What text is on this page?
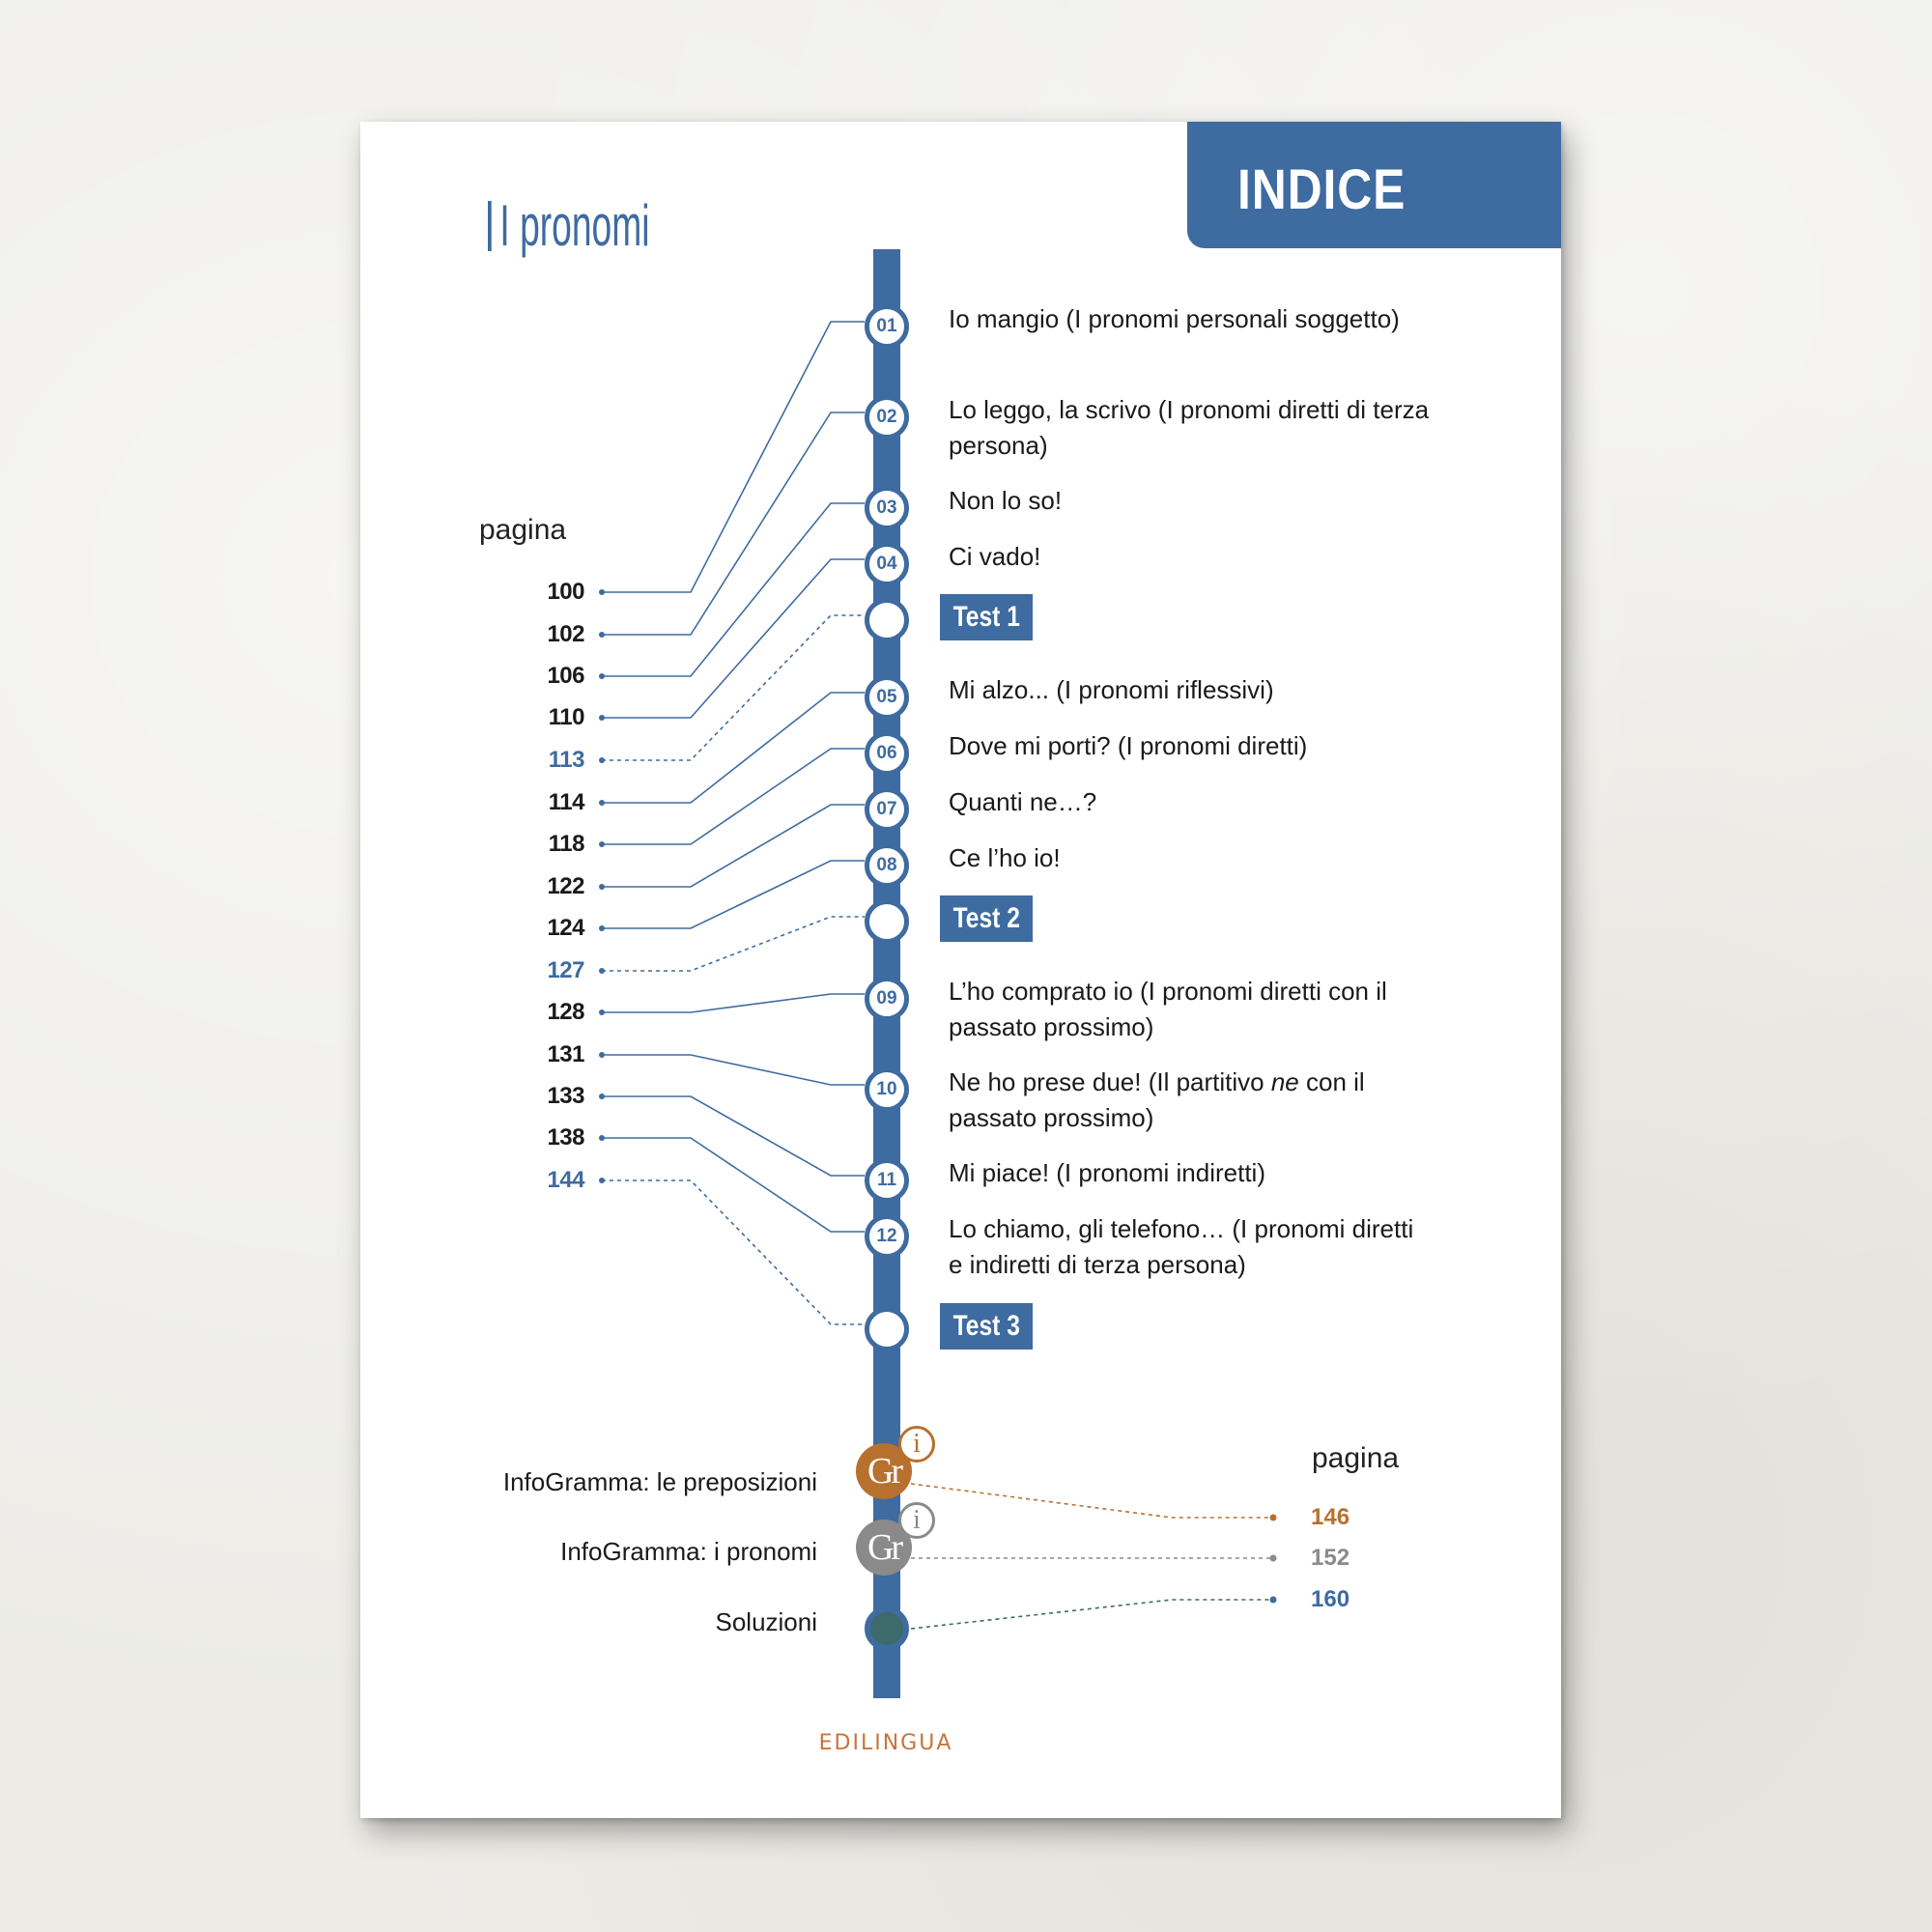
INDICE
I pronomi
01
02
03
04
05
06
07
08
09
10
11
12
Io mangio (I pronomi personali soggetto)
Lo leggo, la scrivo (I pronomi diretti di terza persona)
Non lo so!
Ci vado!
Test 1
Mi alzo... (I pronomi riflessivi)
Dove mi porti? (I pronomi diretti)
Quanti ne…?
Ce l’ho io!
Test 2
L’ho comprato io (I pronomi diretti con il passato prossimo)
Ne ho prese due! (Il partitivo ne con il passato prossimo)
Mi piace! (I pronomi indiretti)
Lo chiamo, gli telefono… (I pronomi diretti e indiretti di terza persona)
Test 3
pagina
100
102
106
110
113
114
118
122
124
127
128
131
133
138
144
pagina
InfoGramma: le preposizioni	Gr
i
146
InfoGramma: i pronomi	Gr
i
152
Soluzioni
160
EDILINGUA
